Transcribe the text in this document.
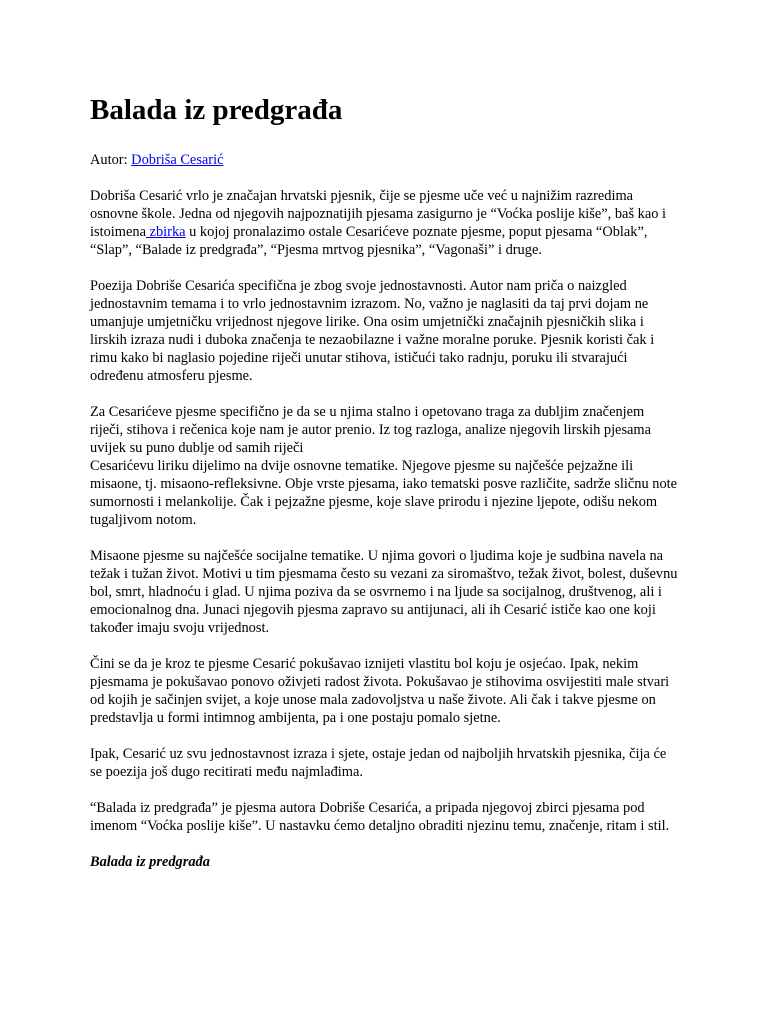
Balada iz predgrađa

Autor: Dobriša Cesarić

Dobriša Cesarić vrlo je značajan hrvatski pjesnik, čije se pjesme uče već u najnižim razredima osnovne škole. Jedna od njegovih najpoznatijih pjesama zasigurno je “Voćka poslije kiše”, baš kao i istoimena zbirka u kojoj pronalazimo ostale Cesarićeve poznate pjesme, poput pjesama “Oblak”, “Slap”, “Balade iz predgrađa”, “Pjesma mrtvog pjesnika”, “Vagonaši” i druge.

Poezija Dobriše Cesarića specifična je zbog svoje jednostavnosti. Autor nam priča o naizgled jednostavnim temama i to vrlo jednostavnim izrazom. No, važno je naglasiti da taj prvi dojam ne umanjuje umjetničku vrijednost njegove lirike. Ona osim umjetnički značajnih pjesničkih slika i lirskih izraza nudi i duboka značenja te nezaobilazne i važne moralne poruke. Pjesnik koristi čak i rimu kako bi naglasio pojedine riječi unutar stihova, ističući tako radnju, poruku ili stvarajući određenu atmosferu pjesme.

Za Cesarićeve pjesme specifično je da se u njima stalno i opetovano traga za dubljim značenjem riječi, stihova i rečenica koje nam je autor prenio. Iz tog razloga, analize njegovih lirskih pjesama uvijek su puno dublje od samih riječi
Cesarićevu liriku dijelimo na dvije osnovne tematike. Njegove pjesme su najčešće pejzažne ili misaone, tj. misaono-refleksivne. Obje vrste pjesama, iako tematski posve različite, sadrže sličnu note sumornosti i melankolije. Čak i pejzažne pjesme, koje slave prirodu i njezine ljepote, odišu nekom tugaljivom notom.

Misaone pjesme su najčešće socijalne tematike. U njima govori o ljudima koje je sudbina navela na težak i tužan život. Motivi u tim pjesmama često su vezani za siromaštvo, težak život, bolest, duševnu bol, smrt, hladnoću i glad. U njima poziva da se osvrnemo i na ljude sa socijalnog, društvenog, ali i emocionalnog dna. Junaci njegovih pjesma zapravo su antijunaci, ali ih Cesarić ističe kao one koji također imaju svoju vrijednost.

Čini se da je kroz te pjesme Cesarić pokušavao iznijeti vlastitu bol koju je osjećao. Ipak, nekim pjesmama je pokušavao ponovo oživjeti radost života. Pokušavao je stihovima osvijestiti male stvari od kojih je sačinjen svijet, a koje unose mala zadovoljstva u naše živote. Ali čak i takve pjesme on predstavlja u formi intimnog ambijenta, pa i one postaju pomalo sjetne.

Ipak, Cesarić uz svu jednostavnost izraza i sjete, ostaje jedan od najboljih hrvatskih pjesnika, čija će se poezija još dugo recitirati među najmlađima.

“Balada iz predgrađa” je pjesma autora Dobriše Cesarića, a pripada njegovoj zbirci pjesama pod imenom “Voćka poslije kiše”. U nastavku ćemo detaljno obraditi njezinu temu, značenje, ritam i stil.

Balada iz predgrađa
